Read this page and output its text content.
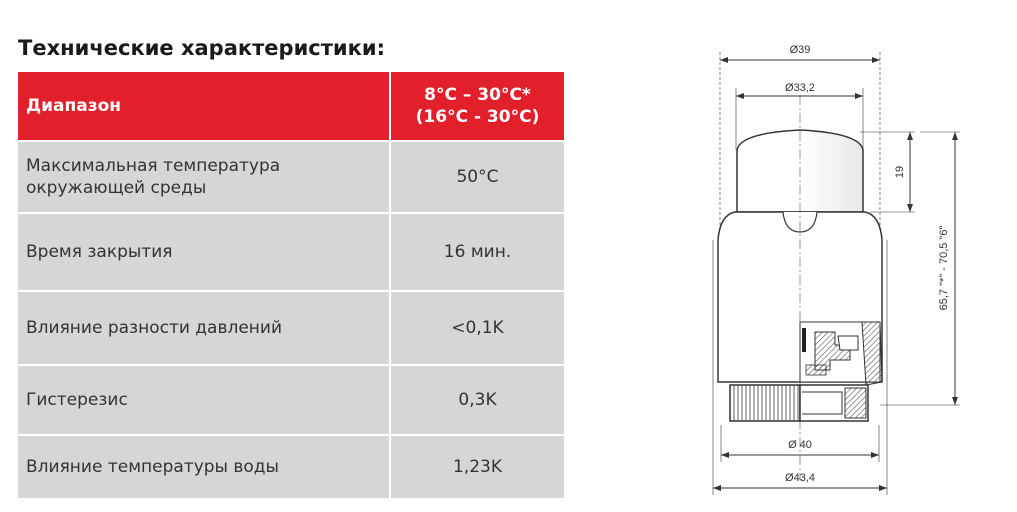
Технические характеристики:
Диапазон	8°C – 30°C*
(16°C - 30°C)

Максимальная температура
окружающей среды	50°C
Время закрытия	16 мин.
Влияние разности давлений	<0,1K
Гистерезис	0,3K
Влияние температуры воды	1,23K
Ø39
Ø33,2
19
65,7 "*" - 70,5 "6"
Ø 40
Ø43,4
